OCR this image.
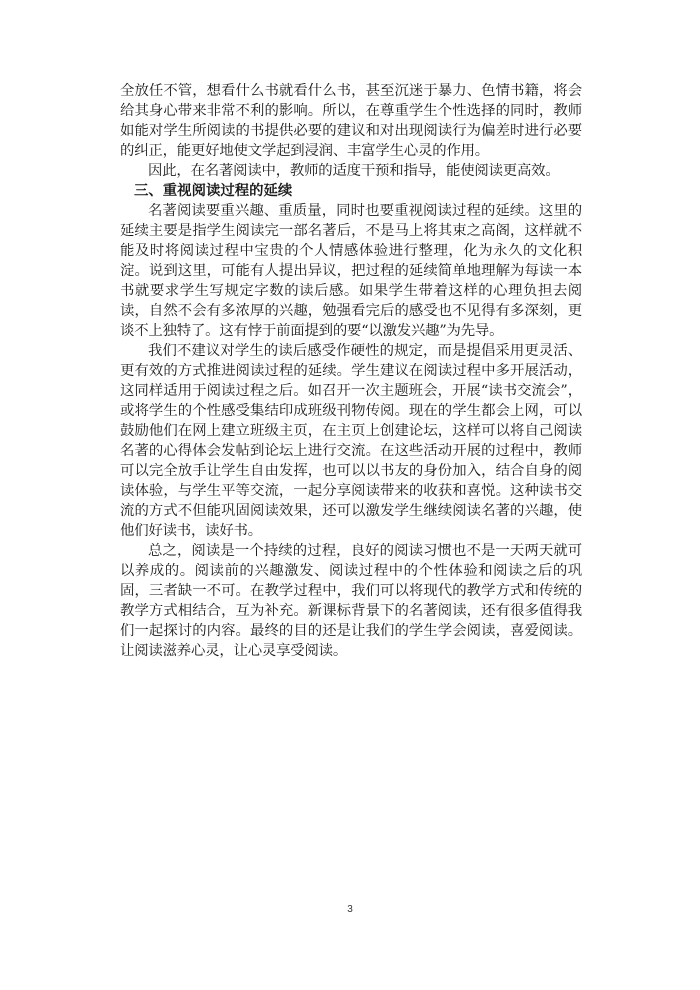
全放任不管，想看什么书就看什么书，甚至沉迷于暴力、色情书籍，将会给其身心带来非常不利的影响。所以，在尊重学生个性选择的同时，教师如能对学生所阅读的书提供必要的建议和对出现阅读行为偏差时进行必要的纠正，能更好地使文学起到浸润、丰富学生心灵的作用。

因此，在名著阅读中，教师的适度干预和指导，能使阅读更高效。

三、重视阅读过程的延续

名著阅读要重兴趣、重质量，同时也要重视阅读过程的延续。这里的延续主要是指学生阅读完一部名著后，不是马上将其束之高阁，这样就不能及时将阅读过程中宝贵的个人情感体验进行整理，化为永久的文化积淀。说到这里，可能有人提出异议，把过程的延续简单地理解为每读一本书就要求学生写规定字数的读后感。如果学生带着这样的心理负担去阅读，自然不会有多浓厚的兴趣，勉强看完后的感受也不见得有多深刻，更谈不上独特了。这有悖于前面提到的要“以激发兴趣”为先导。

我们不建议对学生的读后感受作硬性的规定，而是提倡采用更灵活、更有效的方式推进阅读过程的延续。学生建议在阅读过程中多开展活动，这同样适用于阅读过程之后。如召开一次主题班会，开展“读书交流会”，或将学生的个性感受集结印成班级刊物传阅。现在的学生都会上网，可以鼓励他们在网上建立班级主页，在主页上创建论坛，这样可以将自己阅读名著的心得体会发帖到论坛上进行交流。在这些活动开展的过程中，教师可以完全放手让学生自由发挥，也可以以书友的身份加入，结合自身的阅读体验，与学生平等交流，一起分享阅读带来的收获和喜悦。这种读书交流的方式不但能巩固阅读效果，还可以激发学生继续阅读名著的兴趣，使他们好读书，读好书。

总之，阅读是一个持续的过程，良好的阅读习惯也不是一天两天就可以养成的。阅读前的兴趣激发、阅读过程中的个性体验和阅读之后的巩固，三者缺一不可。在教学过程中，我们可以将现代的教学方式和传统的教学方式相结合，互为补充。新课标背景下的名著阅读，还有很多值得我们一起探讨的内容。最终的目的还是让我们的学生学会阅读，喜爱阅读。让阅读滋养心灵，让心灵享受阅读。

3
